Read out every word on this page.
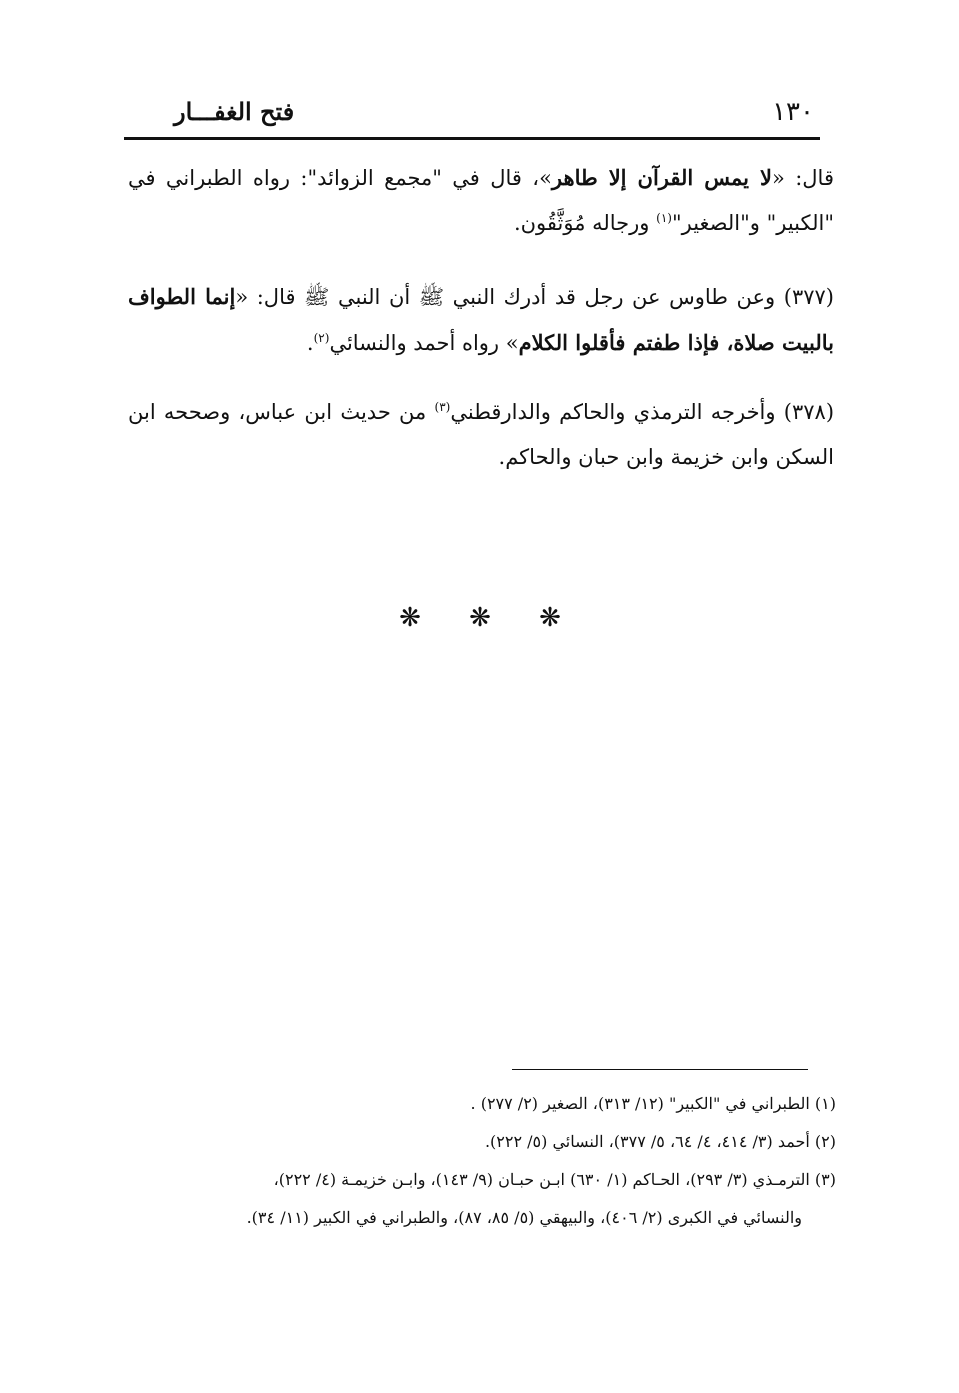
١٣٠
فتح الغفـــار

قال: «لا يمس القرآن إلا طاهر»، قال في "مجمع الزوائد": رواه الطبراني في "الكبير" و"الصغير"$^{(١)}$ ورجاله مُوَثَّقُون.

(٣٧٧) وعن طاوس عن رجل قد أدرك النبي ﷺ أن النبي ﷺ قال: «إنما الطواف بالبيت صلاة، فإذا طفتم فأقلوا الكلام» رواه أحمد والنسائي$^{(٢)}$.

(٣٧٨) وأخرجه الترمذي والحاكم والدارقطني$^{(٣)}$ من حديث ابن عباس، وصححه ابن السكن وابن خزيمة وابن حبان والحاكم.

❋	❋	❋

(١) الطبراني في "الكبير" (١٢/ ٣١٣)، الصغير (٢/ ٢٧٧) .

(٢) أحمد (٣/ ٤١٤، ٤/ ٦٤، ٥/ ٣٧٧)، النسائي (٥/ ٢٢٢).

(٣) الترمـذي (٣/ ٢٩٣)، الحـاكم (١/ ٦٣٠) ابـن حبـان (٩/ ١٤٣)، وابـن خزيمـة (٤/ ٢٢٢)،

والنسائي في الكبرى (٢/ ٤٠٦)، والبيهقي (٥/ ٨٥، ٨٧)، والطبراني في الكبير (١١/ ٣٤).
